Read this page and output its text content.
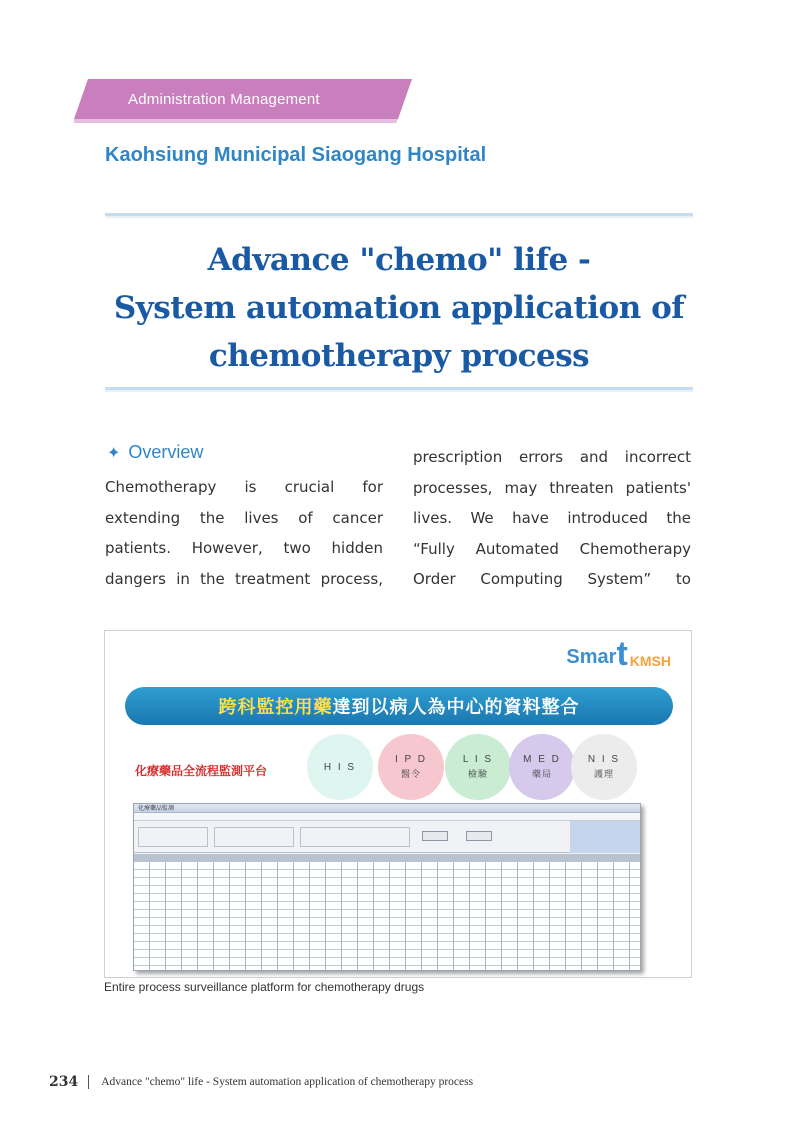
Administration Management
Kaohsiung Municipal Siaogang Hospital
Advance "chemo" life -
System automation application of
chemotherapy process
✦ Overview
Chemotherapy is crucial for
extending the lives of cancer
patients. However, two hidden
dangers in the treatment process,
prescription errors and incorrect
processes, may threaten patients'
lives. We have introduced the
“Fully Automated Chemotherapy
Order Computing System” to
Smar t KMSH
跨科監控用藥 達到以病人為中心的資料整合
化療藥品全流程監測平台	H I S
I P D
醫令
L I S
檢驗
M E D
藥局
N I S
護理
化療藥品監測
Entire process surveillance platform for chemotherapy drugs
234 Advance "chemo" life - System automation application of chemotherapy process
